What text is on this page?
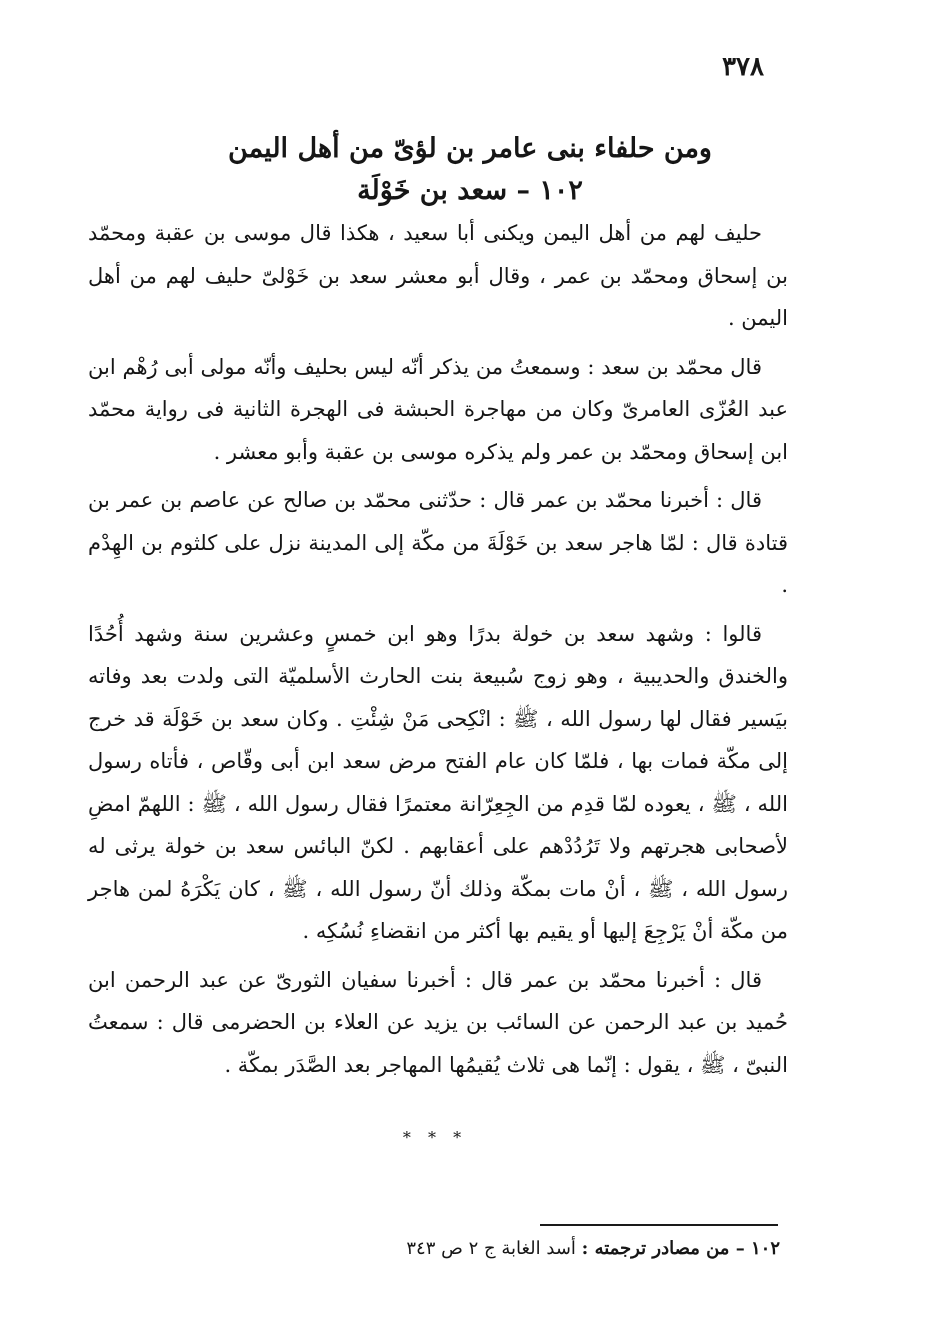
٣٧٨
ومن حلفاء بنى عامر بن لؤىّ من أهل اليمن
١٠٢ – سعد بن خَوْلَة

حليف لهم من أهل اليمن ويكنى أبا سعيد ، هكذا قال موسى بن عقبة ومحمّد بن إسحاق ومحمّد بن عمر ، وقال أبو معشر سعد بن خَوْلىّ حليف لهم من أهل اليمن .

قال محمّد بن سعد : وسمعتُ من يذكر أنّه ليس بحليف وأنّه مولى أبى رُهْم ابن عبد العُزّى العامرىّ وكان من مهاجرة الحبشة فى الهجرة الثانية فى رواية محمّد ابن إسحاق ومحمّد بن عمر ولم يذكره موسى بن عقبة وأبو معشر .

قال : أخبرنا محمّد بن عمر قال : حدّثنى محمّد بن صالح عن عاصم بن عمر بن قتادة قال : لمّا هاجر سعد بن خَوْلَةَ من مكّة إلى المدينة نزل على كلثوم بن الهِدْم .

قالوا : وشهد سعد بن خولة بدرًا وهو ابن خمسٍ وعشرين سنة وشهد أُحُدًا والخندق والحديبية ، وهو زوج سُبيعة بنت الحارث الأسلميّة التى ولدت بعد وفاته بيَسير فقال لها رسول الله ، ﷺ : انْكِحى مَنْ شِئْتِ . وكان سعد بن خَوْلَة قد خرج إلى مكّة فمات بها ، فلمّا كان عام الفتح مرض سعد ابن أبى وقّاص ، فأتاه رسول الله ، ﷺ ، يعوده لمّا قدِم من الجِعِرّانة معتمرًا فقال رسول الله ، ﷺ : اللهمّ امضِ لأصحابى هجرتهم ولا تَرُدُدْهم على أعقابهم . لكنّ البائس سعد بن خولة يرثى له رسول الله ، ﷺ ، أنْ مات بمكّة وذلك أنّ رسول الله ، ﷺ ، كان يَكْرَهُ لمن هاجر من مكّة أنْ يَرْجِعَ إليها أو يقيم بها أكثر من انقضاءِ نُسُكِه .

قال : أخبرنا محمّد بن عمر قال : أخبرنا سفيان الثورىّ عن عبد الرحمن ابن حُميد بن عبد الرحمن عن السائب بن يزيد عن العلاء بن الحضرمى قال : سمعتُ النبىّ ، ﷺ ، يقول : إنّما هى ثلاث يُقيمُها المهاجر بعد الصَّدَر بمكّة .

* * *
١٠٢ – من مصادر ترجمته : أسد الغابة ج ٢ ص ٣٤٣
